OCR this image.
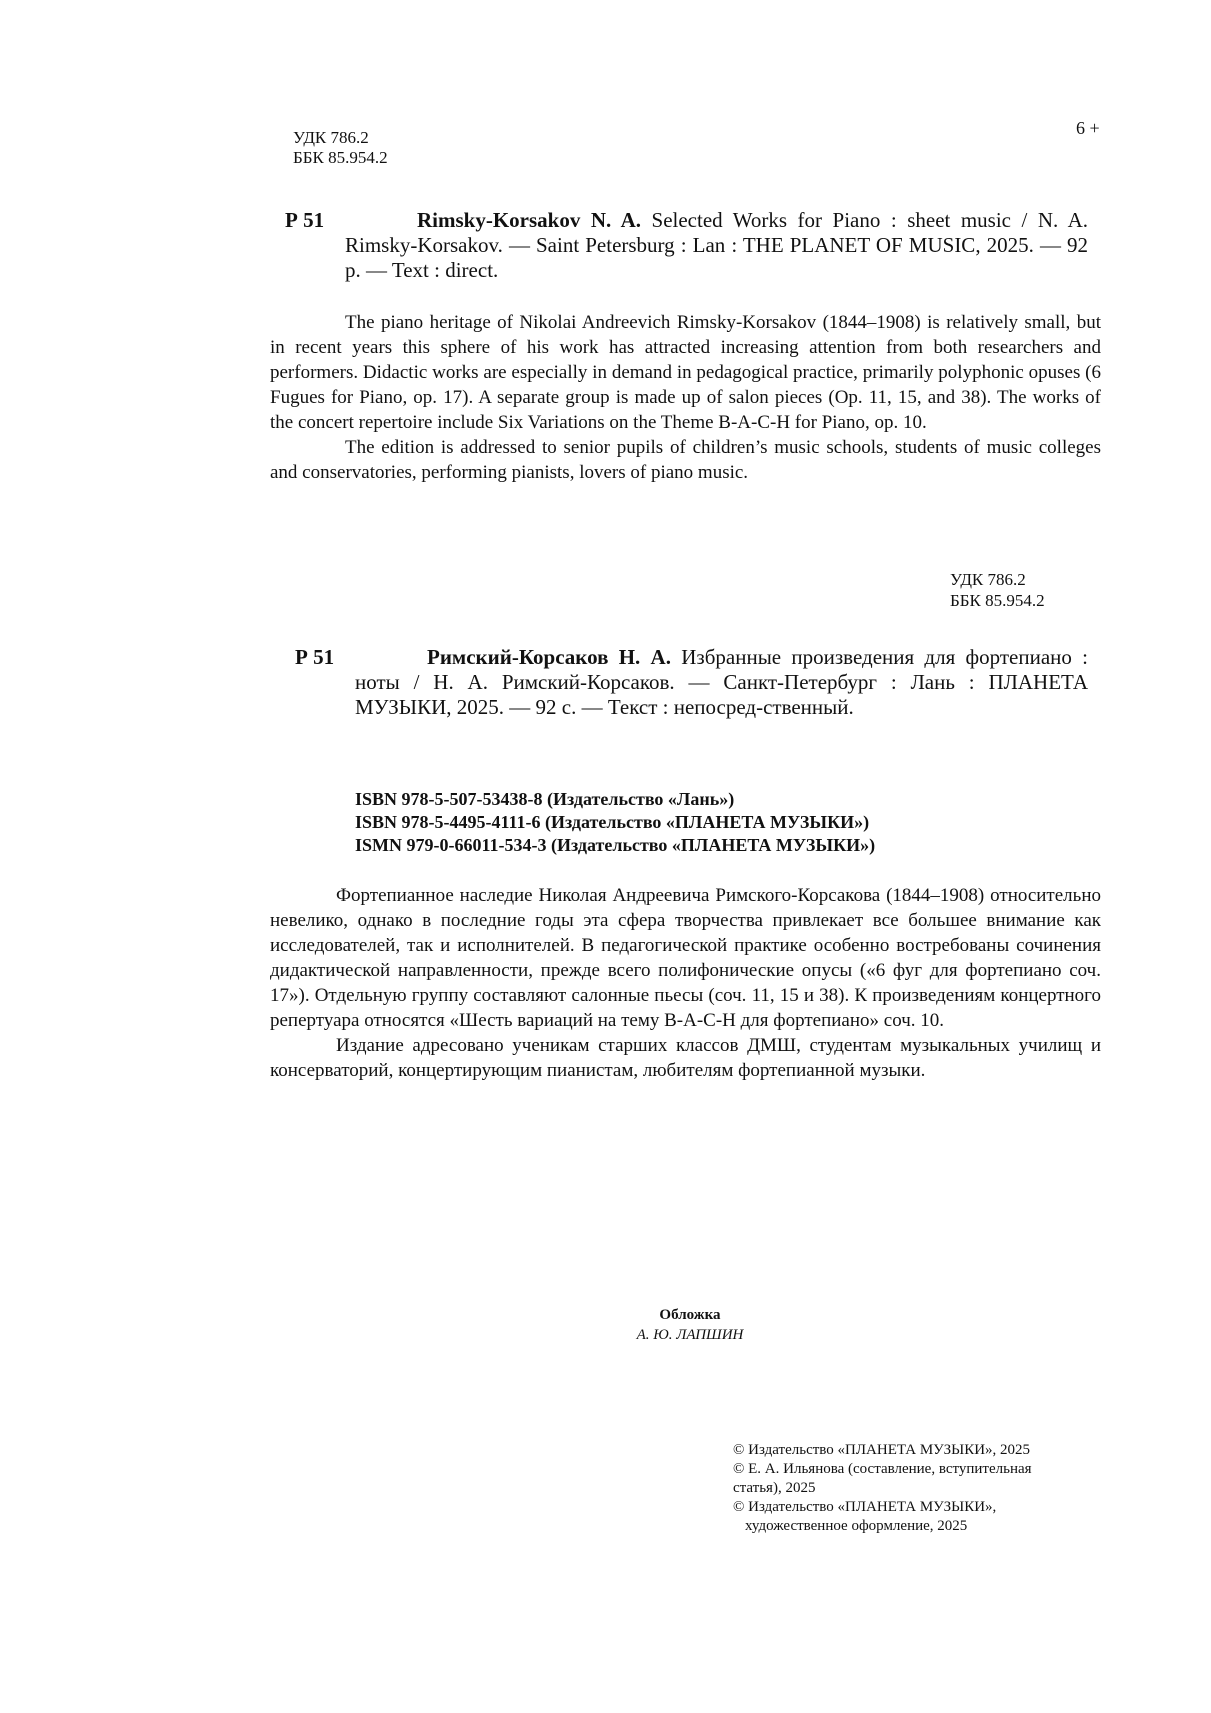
6 +
УДК 786.2
ББК 85.954.2
Р 51	Rimsky-Korsakov N. A. Selected Works for Piano : sheet music / N. A. Rimsky-Korsakov. — Saint Petersburg : Lan : THE PLANET OF MUSIC, 2025. — 92 p. — Text : direct.

The piano heritage of Nikolai Andreevich Rimsky-Korsakov (1844–1908) is relatively small, but in recent years this sphere of his work has attracted increasing attention from both researchers and performers. Didactic works are especially in demand in pedagogical practice, primarily polyphonic opuses (6 Fugues for Piano, op. 17). A separate group is made up of salon pieces (Op. 11, 15, and 38). The works of the concert repertoire include Six Variations on the Theme B-A-C-H for Piano, op. 10.

The edition is addressed to senior pupils of children’s music schools, students of music colleges and conservatories, performing pianists, lovers of piano music.

УДК 786.2
ББК 85.954.2
Р 51	Римский-Корсаков Н. А. Избранные произведения для фортепиано : ноты / Н. А. Римский-Корсаков. — Санкт-Петербург : Лань : ПЛАНЕТА МУЗЫКИ, 2025. — 92 с. — Текст : непосред-ственный.

ISBN 978-5-507-53438-8 (Издательство «Лань»)

ISBN 978-5-4495-4111-6 (Издательство «ПЛАНЕТА МУЗЫКИ»)

ISMN 979-0-66011-534-3 (Издательство «ПЛАНЕТА МУЗЫКИ»)

Фортепианное наследие Николая Андреевича Римского-Корсакова (1844–1908) относительно невелико, однако в последние годы эта сфера творчества привлекает все большее внимание как исследователей, так и исполнителей. В педагогической практике особенно востребованы сочинения дидактической направленности, прежде всего полифонические опусы («6 фуг для фортепиано соч. 17»). Отдельную группу составляют салонные пьесы (соч. 11, 15 и 38). К произведениям концертного репертуара относятся «Шесть вариаций на тему В-А-С-Н для фортепиано» соч. 10.

Издание адресовано ученикам старших классов ДМШ, студентам музыкальных училищ и консерваторий, концертирующим пианистам, любителям фортепианной музыки.

Обложка
А. Ю. ЛАПШИН

© Издательство «ПЛАНЕТА МУЗЫКИ», 2025

© Е. А. Ильянова (составление, вступительная статья), 2025

© Издательство «ПЛАНЕТА МУЗЫКИ»,

художественное оформление, 2025
